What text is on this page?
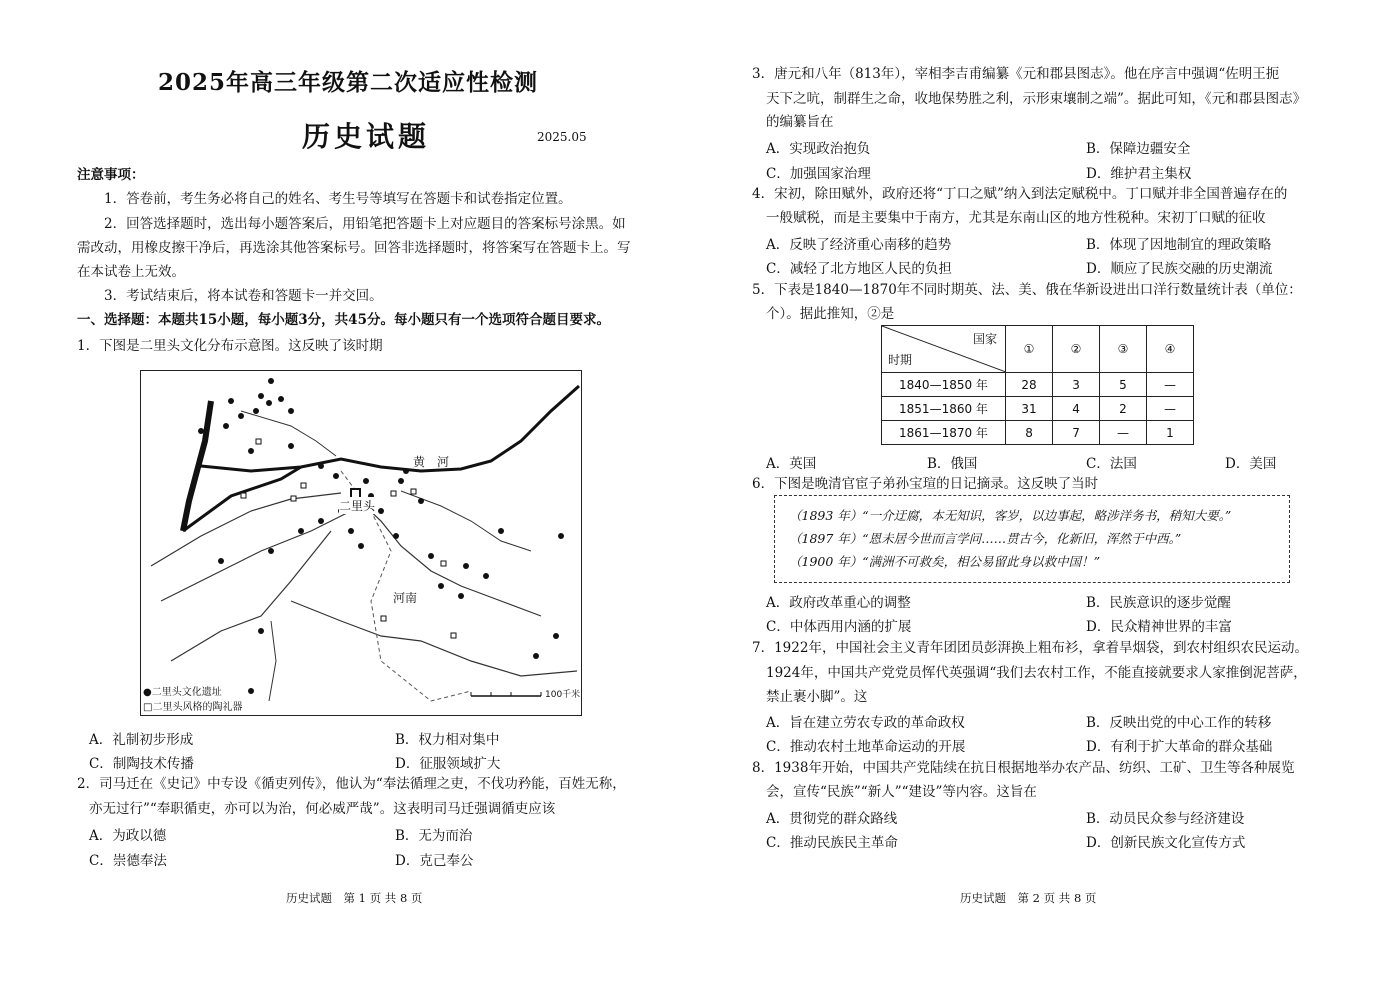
2025年高三年级第二次适应性检测
历史试题	2025.05
注意事项：
1．答卷前，考生务必将自己的姓名、考生号等填写在答题卡和试卷指定位置。
2．回答选择题时，选出每小题答案后，用铅笔把答题卡上对应题目的答案标号涂黑。如
需改动，用橡皮擦干净后，再选涂其他答案标号。回答非选择题时，将答案写在答题卡上。写
在本试卷上无效。
3．考试结束后，将本试卷和答题卡一并交回。
一、选择题：本题共15小题，每小题3分，共45分。每小题只有一个选项符合题目要求。
1．下图是二里头文化分布示意图。这反映了该时期
黄　河
二里头
河南
100千米
●二里头文化遗址
□二里头风格的陶礼器
A．礼制初步形成	B．权力相对集中
C．制陶技术传播	D．征服领域扩大
2．司马迁在《史记》中专设《循吏列传》，他认为“奉法循理之吏，不伐功矜能，百姓无称，
亦无过行”“奉职循吏，亦可以为治，何必威严哉”。这表明司马迁强调循吏应该
A．为政以德	B．无为而治
C．崇德奉法	D．克己奉公
历史试题　第 1 页 共 8 页
3．唐元和八年（813年），宰相李吉甫编纂《元和郡县图志》。他在序言中强调“佐明王扼
天下之吭，制群生之命，收地保势胜之利，示形束壤制之端”。据此可知，《元和郡县图志》
的编纂旨在
A．实现政治抱负	B．保障边疆安全
C．加强国家治理	D．维护君主集权
4．宋初，除田赋外，政府还将“丁口之赋”纳入到法定赋税中。丁口赋并非全国普遍存在的
一般赋税，而是主要集中于南方，尤其是东南山区的地方性税种。宋初丁口赋的征收
A．反映了经济重心南移的趋势	B．体现了因地制宜的理政策略
C．减轻了北方地区人民的负担	D．顺应了民族交融的历史潮流
5．下表是1840—1870年不同时期英、法、美、俄在华新设进出口洋行数量统计表（单位：
个）。据此推知，②是
国家
时期	①	②	③	④
1840—1850 年	28	3	5	—
1851—1860 年	31	4	2	—
1861—1870 年	8	7	—	1
A．英国	B．俄国	C．法国	D．美国
6．下图是晚清官宦子弟孙宝瑄的日记摘录。这反映了当时
（1893 年）“一介迂腐，本无知识，客岁，以边事起，略涉洋务书，稍知大要。”
（1897 年）“恩未居今世而言学问……贯古今，化新旧，浑然于中西。”
（1900 年）“满洲不可救矣，相公易留此身以救中国！”
A．政府改革重心的调整	B．民族意识的逐步觉醒
C．中体西用内涵的扩展	D．民众精神世界的丰富
7．1922年，中国社会主义青年团团员彭湃换上粗布衫，拿着旱烟袋，到农村组织农民运动。
1924年，中国共产党党员恽代英强调“我们去农村工作，不能直接就要求人家推倒泥菩萨，
禁止裹小脚”。这
A．旨在建立劳农专政的革命政权	B．反映出党的中心工作的转移
C．推动农村土地革命运动的开展	D．有利于扩大革命的群众基础
8．1938年开始，中国共产党陆续在抗日根据地举办农产品、纺织、工矿、卫生等各种展览
会，宣传“民族”“新人”“建设”等内容。这旨在
A．贯彻党的群众路线	B．动员民众参与经济建设
C．推动民族民主革命	D．创新民族文化宣传方式
历史试题　第 2 页 共 8 页
